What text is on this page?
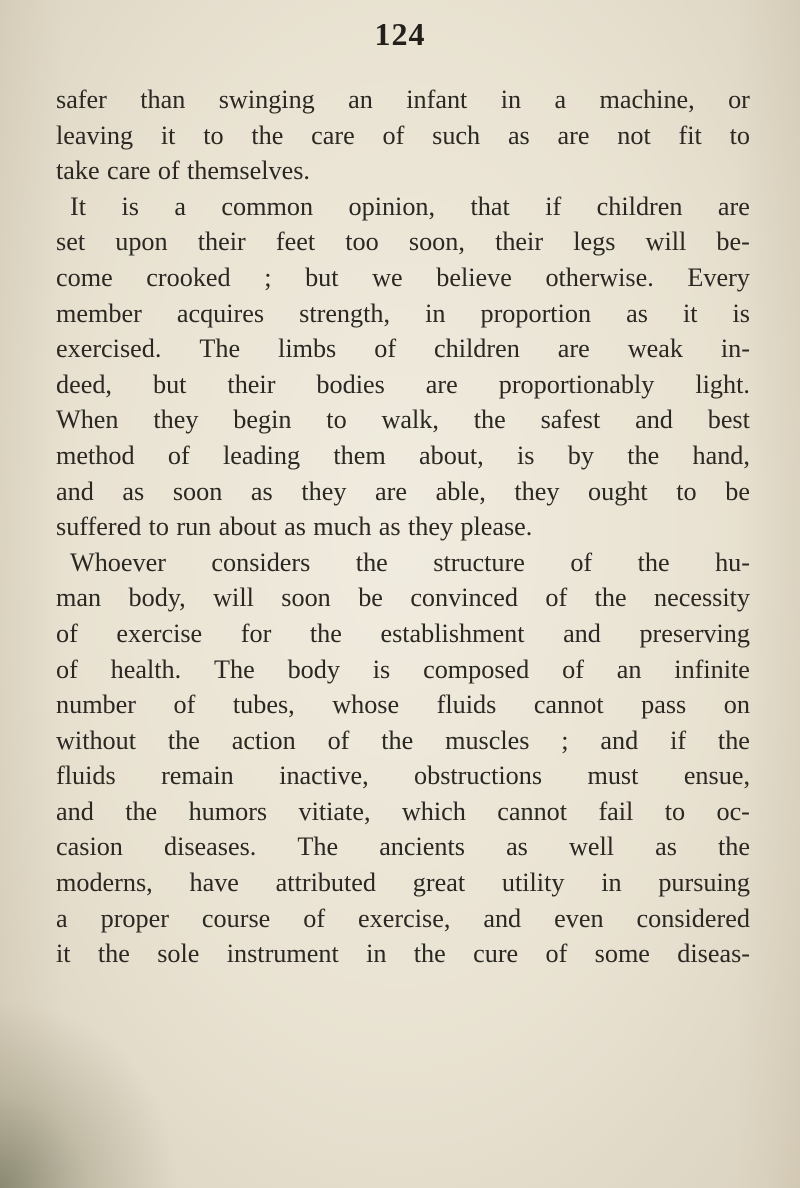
124
safer than swinging an infant in a machine, or
leaving it to the care of such as are not fit to
take care of themselves.
It is a common opinion, that if children are
set upon their feet too soon, their legs will be-
come crooked ; but we believe otherwise. Every
member acquires strength, in proportion as it is
exercised. The limbs of children are weak in-
deed, but their bodies are proportionably light.
When they begin to walk, the safest and best
method of leading them about, is by the hand,
and as soon as they are able, they ought to be
suffered to run about as much as they please.
Whoever considers the structure of the hu-
man body, will soon be convinced of the necessity
of exercise for the establishment and preserving
of health. The body is composed of an infinite
number of tubes, whose fluids cannot pass on
without the action of the muscles ; and if the
fluids remain inactive, obstructions must ensue,
and the humors vitiate, which cannot fail to oc-
casion diseases. The ancients as well as the
moderns, have attributed great utility in pursuing
a proper course of exercise, and even considered
it the sole instrument in the cure of some diseas-
